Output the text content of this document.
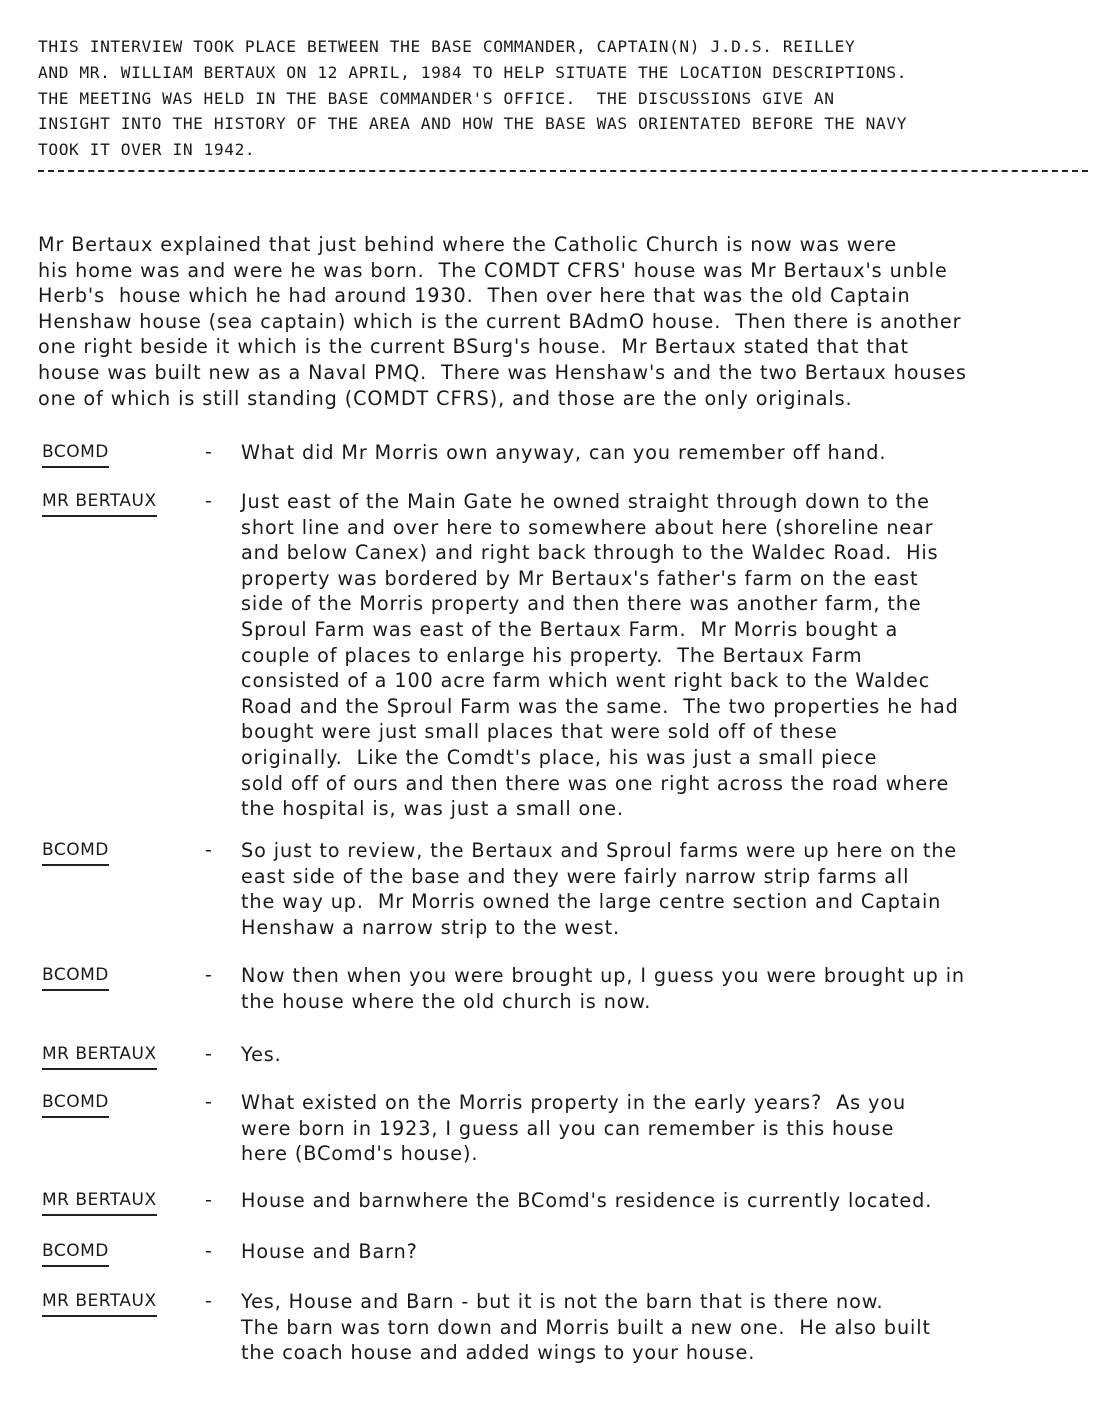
THIS INTERVIEW TOOK PLACE BETWEEN THE BASE COMMANDER, CAPTAIN(N) J.D.S. REILLEY
AND MR. WILLIAM BERTAUX ON 12 APRIL, 1984 TO HELP SITUATE THE LOCATION DESCRIPTIONS.
THE MEETING WAS HELD IN THE BASE COMMANDER'S OFFICE.  THE DISCUSSIONS GIVE AN
INSIGHT INTO THE HISTORY OF THE AREA AND HOW THE BASE WAS ORIENTATED BEFORE THE NAVY
TOOK IT OVER IN 1942.
Mr Bertaux explained that just behind where the Catholic Church is now was were
his home was and were he was born.  The COMDT CFRS' house was Mr Bertaux's unble
Herb's  house which he had around 1930.  Then over here that was the old Captain
Henshaw house (sea captain) which is the current BAdmO house.  Then there is another
one right beside it which is the current BSurg's house.  Mr Bertaux stated that that
house was built new as a Naval PMQ.  There was Henshaw's and the two Bertaux houses
one of which is still standing (COMDT CFRS), and those are the only originals.
BCOMD	- What did Mr Morris own anyway, can you remember off hand.
MR BERTAUX	- Just east of the Main Gate he owned straight through down to the
short line and over here to somewhere about here (shoreline near
and below Canex) and right back through to the Waldec Road.  His
property was bordered by Mr Bertaux's father's farm on the east
side of the Morris property and then there was another farm, the
Sproul Farm was east of the Bertaux Farm.  Mr Morris bought a
couple of places to enlarge his property.  The Bertaux Farm
consisted of a 100 acre farm which went right back to the Waldec
Road and the Sproul Farm was the same.  The two properties he had
bought were just small places that were sold off of these
originally.  Like the Comdt's place, his was just a small piece
sold off of ours and then there was one right across the road where
the hospital is, was just a small one.
BCOMD	- So just to review, the Bertaux and Sproul farms were up here on the
east side of the base and they were fairly narrow strip farms all
the way up.  Mr Morris owned the large centre section and Captain
Henshaw a narrow strip to the west.
BCOMD	- Now then when you were brought up, I guess you were brought up in
the house where the old church is now.
MR BERTAUX	- Yes.
BCOMD	- What existed on the Morris property in the early years?  As you
were born in 1923, I guess all you can remember is this house
here (BComd's house).
MR BERTAUX	- House and barnwhere the BComd's residence is currently located.
BCOMD	- House and Barn?
MR BERTAUX	- Yes, House and Barn - but it is not the barn that is there now.
The barn was torn down and Morris built a new one.  He also built
the coach house and added wings to your house.
